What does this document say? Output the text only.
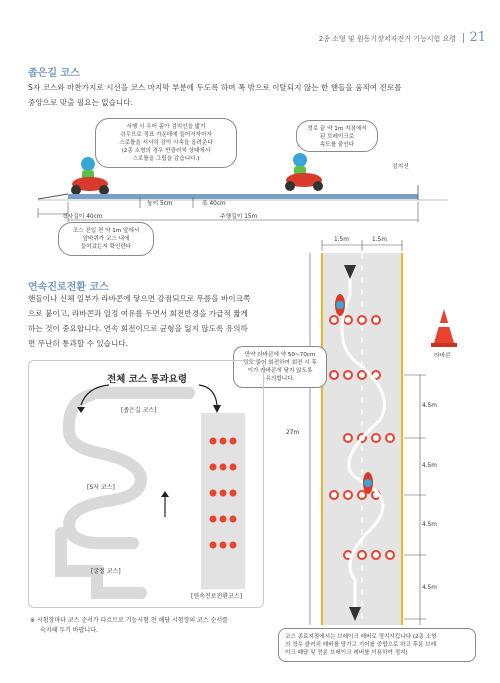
2종 소형 및 원동기장치자전거 기능시험 요령 21
좁은길 코스
S자 코스와 마찬가지로 시선을 코스 마지막 부분에 두도록 하며 폭 밖으로 이탈되지 않는 한 핸들을 움직여 진로를
중앙으로 맞출 필요는 없습니다.
서행 시 우어 좀아 검지선을 밟기
쉬우므로 정표 가운데에 들어서자마자
스로틀을 서서히 감아 시속을 올려준다
(2종 소형의 경우 반클러치 상태에서
스로틀을 그립을 감습니다.)
정로 끝 약 1m 지점에서
된 브레이크로
속도를 줄인다
검지선
높이 5cm	폭 40cm
경사길이 40cm	주행길이 15m
코스 진입 전 약 1m 앞에서
앞바퀴가 코스 내에
들어갔는지 확인한다
연속진로전환 코스
핸들이나 신체 일부가 라바콘에 닿으면 감점되므로 무릎을 바이크쪽
으로 붙이고, 라바콘과 일정 여유를 두면서 회전반경을 가급적 짧게
하는 것이 중요합니다. 연속 회전이므로 균형을 잃지 않도록 유의하
면 무난히 통과할 수 있습니다.
1.5m	1.5m
27m
라바콘
4.5m
4.5m
4.5m
4.5m
만약 라바콘에 약 50~70cm
정도 붙어 회전하여 회전 시 후
이가 라바콘에 닿지 않도록
유의합니다.
코스 종료지점에서는 브레이크 레버로 정지시킵니다 (2종 소형
의 경우 클러치 레버를 당기고 기어를 중립으로 하고 후륜 브레
이크 페달 및 전륜 브레이크 레버를 이용하여 정지)
전체 코스 통과요령
[좁은길 코스]
[S자 코스]
[굴절 코스]
[연속진로전환코스]
※ 시험장마다 코스 순서가 다르므로 기능시험 전 해당 시험장의 코스 순서를
숙지해 두기 바랍니다.
